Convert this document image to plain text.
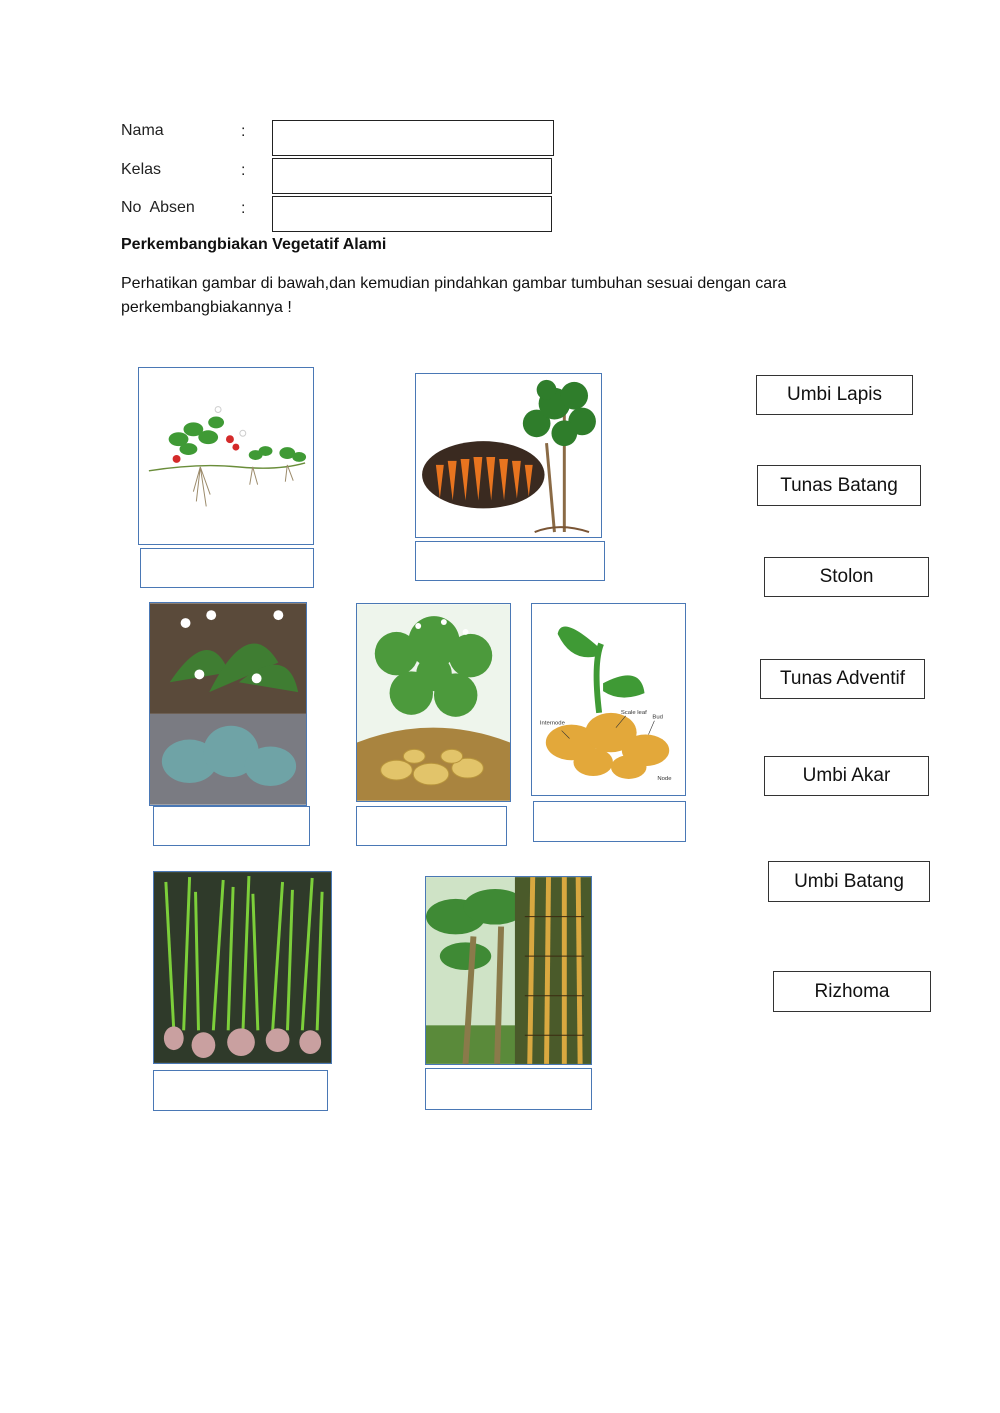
Nama	:
Kelas	:
No  Absen	:
Perkembangbiakan Vegetatif Alami
Perhatikan gambar di bawah,dan kemudian pindahkan gambar tumbuhan sesuai dengan cara perkembangbiakannya !
Scale leaf
Bud
Internode
Node
Umbi Lapis
Tunas Batang
Stolon
Tunas Adventif
Umbi Akar
Umbi Batang
Rizhoma
